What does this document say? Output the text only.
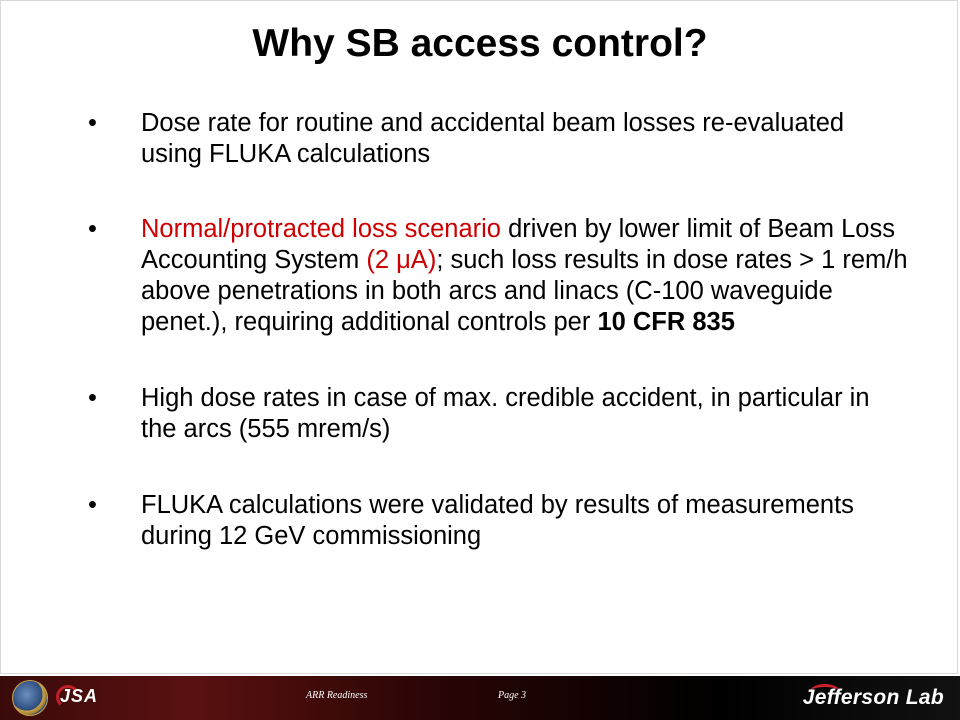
Why SB access control?
• Dose rate for routine and accidental beam losses re-evaluated using FLUKA calculations
• Normal/protracted loss scenario driven by lower limit of Beam Loss Accounting System (2 μA); such loss results in dose rates > 1 rem/h above penetrations in both arcs and linacs (C-100 waveguide penet.), requiring additional controls per 10 CFR 835
• High dose rates in case of max. credible accident, in particular in the arcs (555 mrem/s)
• FLUKA calculations were validated by results of measurements during 12 GeV commissioning
JSA	ARR Readiness	Page 3	Jefferson Lab
